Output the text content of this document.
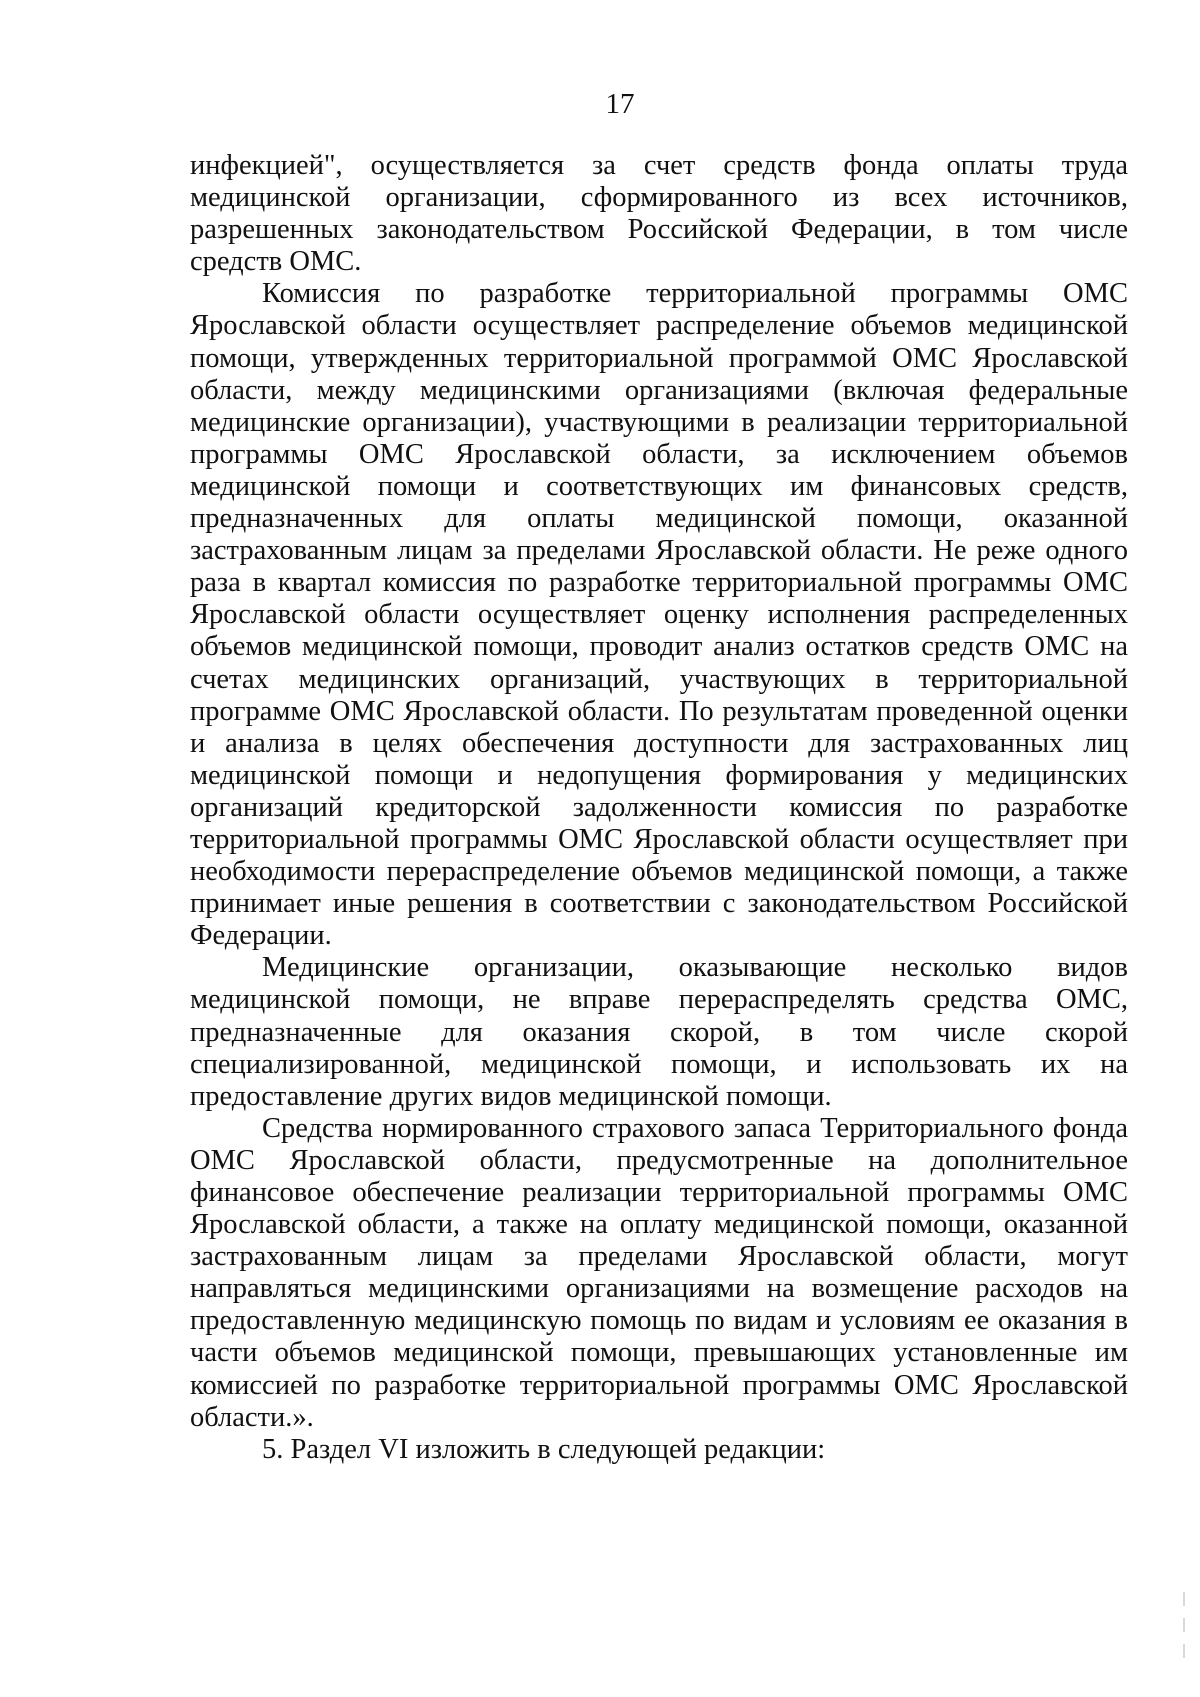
17

инфекцией", осуществляется за счет средств фонда оплаты труда медицинской организации, сформированного из всех источников, разрешенных законодательством Российской Федерации, в том числе средств ОМС.

Комиссия по разработке территориальной программы ОМС Ярославской области осуществляет распределение объемов медицинской помощи, утвержденных территориальной программой ОМС Ярославской области, между медицинскими организациями (включая федеральные медицинские организации), участвующими в реализации территориальной программы ОМС Ярославской области, за исключением объемов медицинской помощи и соответствующих им финансовых средств, предназначенных для оплаты медицинской помощи, оказанной застрахованным лицам за пределами Ярославской области. Не реже одного раза в квартал комиссия по разработке территориальной программы ОМС Ярославской области осуществляет оценку исполнения распределенных объемов медицинской помощи, проводит анализ остатков средств ОМС на счетах медицинских организаций, участвующих в территориальной программе ОМС Ярославской области. По результатам проведенной оценки и анализа в целях обеспечения доступности для застрахованных лиц медицинской помощи и недопущения формирования у медицинских организаций кредиторской задолженности комиссия по разработке территориальной программы ОМС Ярославской области осуществляет при необходимости перераспределение объемов медицинской помощи, а также принимает иные решения в соответствии с законодательством Российской Федерации.

Медицинские организации, оказывающие несколько видов медицинской помощи, не вправе перераспределять средства ОМС, предназначенные для оказания скорой, в том числе скорой специализированной, медицинской помощи, и использовать их на предоставление других видов медицинской помощи.

Средства нормированного страхового запаса Территориального фонда ОМС Ярославской области, предусмотренные на дополнительное финансовое обеспечение реализации территориальной программы ОМС Ярославской области, а также на оплату медицинской помощи, оказанной застрахованным лицам за пределами Ярославской области, могут направляться медицинскими организациями на возмещение расходов на предоставленную медицинскую помощь по видам и условиям ее оказания в части объемов медицинской помощи, превышающих установленные им комиссией по разработке территориальной программы ОМС Ярославской области.».

5. Раздел VI изложить в следующей редакции:
